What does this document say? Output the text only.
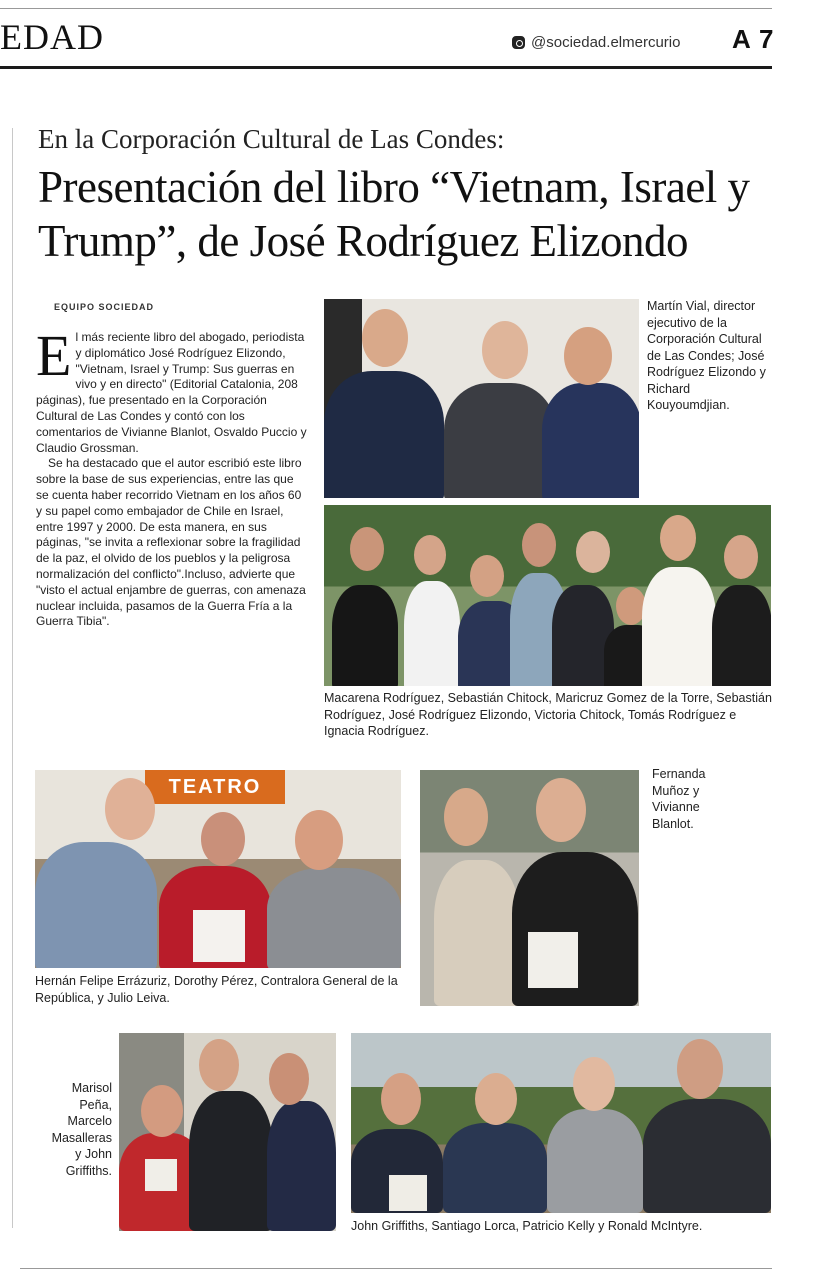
EDAD	@sociedad.elmercurio A 7
En la Corporación Cultural de Las Condes:
Presentación del libro “Vietnam, Israel y Trump”, de José Rodríguez Elizondo
EQUIPO SOCIEDAD
E l más reciente libro del abogado, periodista y diplomático José Rodríguez Elizondo, "Vietnam, Israel y Trump: Sus guerras en vivo y en directo" (Editorial Catalonia, 208 páginas), fue presentado en la Corporación Cultural de Las Condes y contó con los comentarios de Vivianne Blanlot, Osvaldo Puccio y Claudio Grossman.
Se ha destacado que el autor escribió este libro sobre la base de sus experiencias, entre las que se cuenta haber recorrido Vietnam en los años 60 y su papel como embajador de Chile en Israel, entre 1997 y 2000. De esta manera, en sus páginas, "se invita a reflexionar sobre la fragilidad de la paz, el olvido de los pueblos y la peligrosa normalización del conflicto".Incluso, advierte que "visto el actual enjambre de guerras, con amenaza nuclear incluida, pasamos de la Guerra Fría a la Guerra Tibia".
Martín Vial, director ejecutivo de la Corporación Cultural de Las Condes; José Rodríguez Elizondo y Richard Kouyoumdjian.
Macarena Rodríguez, Sebastián Chitock, Maricruz Gomez de la Torre, Sebastián Rodríguez, José Rodríguez Elizondo, Victoria Chitock, Tomás Rodríguez e Ignacia Rodríguez.
TEATRO
Hernán Felipe Errázuriz, Dorothy Pérez, Contralora General de la República, y Julio Leiva.
Fernanda Muñoz y Vivianne Blanlot.
Marisol Peña, Marcelo Masalleras y John Griffiths.
John Griffiths, Santiago Lorca, Patricio Kelly y Ronald McIntyre.
